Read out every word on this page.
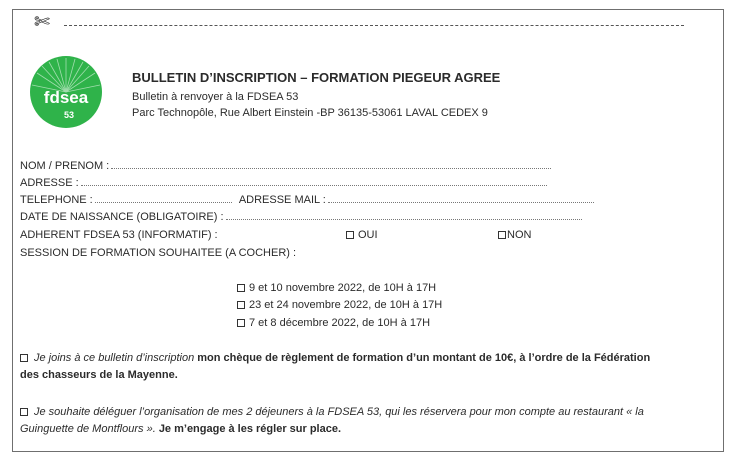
✄
fdsea
53
BULLETIN D’INSCRIPTION – FORMATION PIEGEUR AGREE
Bulletin à renvoyer à la FDSEA 53
Parc Technopôle, Rue Albert Einstein -BP 36135-53061 LAVAL CEDEX 9
NOM / PRENOM :
ADRESSE :
TELEPHONE :	ADRESSE MAIL :
DATE DE NAISSANCE (OBLIGATOIRE) :
ADHERENT FDSEA 53 (INFORMATIF) :	OUI	NON
SESSION DE FORMATION SOUHAITEE (A COCHER) :
9 et 10 novembre 2022, de 10H à 17H
23 et 24 novembre 2022, de 10H à 17H
7 et 8 décembre 2022, de 10H à 17H
Je joins à ce bulletin d’inscription mon chèque de règlement de formation d’un montant de 10€, à l’ordre de la Fédération des chasseurs de la Mayenne.
Je souhaite déléguer l’organisation de mes 2 déjeuners à la FDSEA 53, qui les réservera pour mon compte au restaurant « la Guinguette de Montflours ». Je m’engage à les régler sur place.
